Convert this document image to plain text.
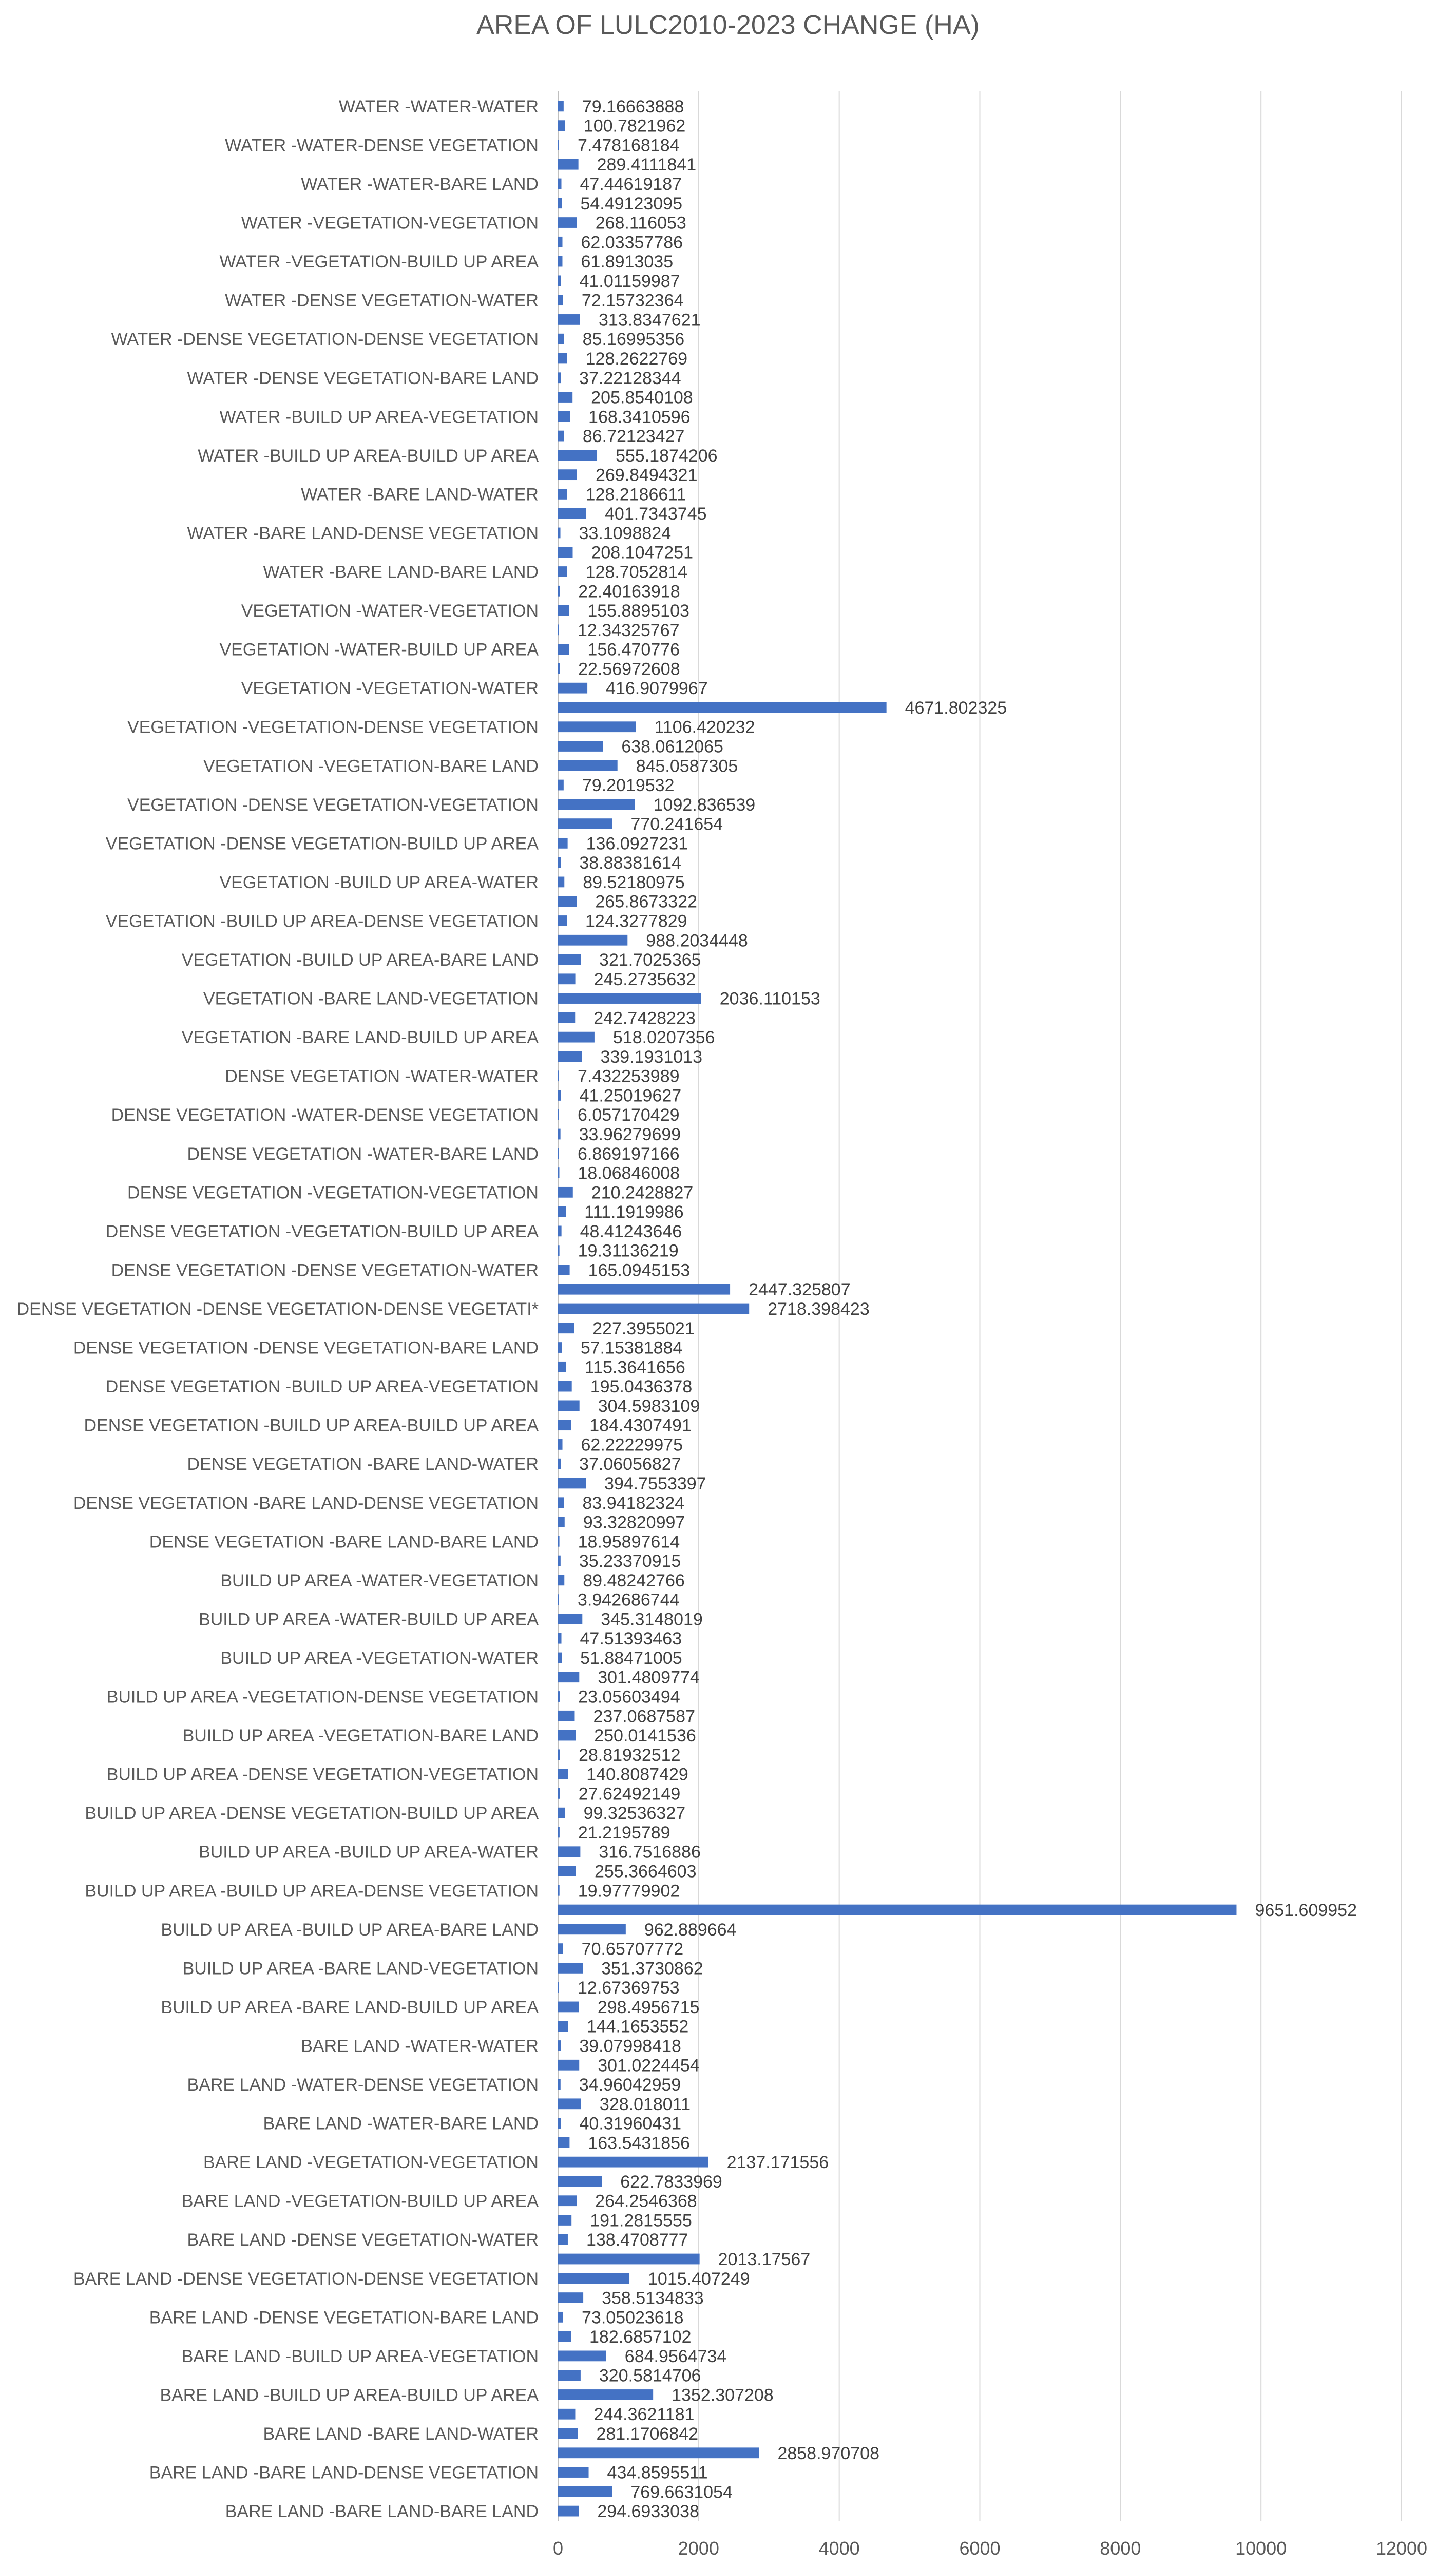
AREA OF LULC2010-2023 CHANGE (HA)
WATER -WATER-WATER
WATER -WATER-DENSE VEGETATION
WATER -WATER-BARE LAND
WATER -VEGETATION-VEGETATION
WATER -VEGETATION-BUILD UP AREA
WATER -DENSE VEGETATION-WATER
WATER -DENSE VEGETATION-DENSE VEGETATION
WATER -DENSE VEGETATION-BARE LAND
WATER -BUILD UP AREA-VEGETATION
WATER -BUILD UP AREA-BUILD UP AREA
WATER -BARE LAND-WATER
WATER -BARE LAND-DENSE VEGETATION
WATER -BARE LAND-BARE LAND
VEGETATION -WATER-VEGETATION
VEGETATION -WATER-BUILD UP AREA
VEGETATION -VEGETATION-WATER
VEGETATION -VEGETATION-DENSE VEGETATION
VEGETATION -VEGETATION-BARE LAND
VEGETATION -DENSE VEGETATION-VEGETATION
VEGETATION -DENSE VEGETATION-BUILD UP AREA
VEGETATION -BUILD UP AREA-WATER
VEGETATION -BUILD UP AREA-DENSE VEGETATION
VEGETATION -BUILD UP AREA-BARE LAND
VEGETATION -BARE LAND-VEGETATION
VEGETATION -BARE LAND-BUILD UP AREA
DENSE VEGETATION -WATER-WATER
DENSE VEGETATION -WATER-DENSE VEGETATION
DENSE VEGETATION -WATER-BARE LAND
DENSE VEGETATION -VEGETATION-VEGETATION
DENSE VEGETATION -VEGETATION-BUILD UP AREA
DENSE VEGETATION -DENSE VEGETATION-WATER
DENSE VEGETATION -DENSE VEGETATION-DENSE VEGETATI*
DENSE VEGETATION -DENSE VEGETATION-BARE LAND
DENSE VEGETATION -BUILD UP AREA-VEGETATION
DENSE VEGETATION -BUILD UP AREA-BUILD UP AREA
DENSE VEGETATION -BARE LAND-WATER
DENSE VEGETATION -BARE LAND-DENSE VEGETATION
DENSE VEGETATION -BARE LAND-BARE LAND
BUILD UP AREA -WATER-VEGETATION
BUILD UP AREA -WATER-BUILD UP AREA
BUILD UP AREA -VEGETATION-WATER
BUILD UP AREA -VEGETATION-DENSE VEGETATION
BUILD UP AREA -VEGETATION-BARE LAND
BUILD UP AREA -DENSE VEGETATION-VEGETATION
BUILD UP AREA -DENSE VEGETATION-BUILD UP AREA
BUILD UP AREA -BUILD UP AREA-WATER
BUILD UP AREA -BUILD UP AREA-DENSE VEGETATION
BUILD UP AREA -BUILD UP AREA-BARE LAND
BUILD UP AREA -BARE LAND-VEGETATION
BUILD UP AREA -BARE LAND-BUILD UP AREA
BARE LAND -WATER-WATER
BARE LAND -WATER-DENSE VEGETATION
BARE LAND -WATER-BARE LAND
BARE LAND -VEGETATION-VEGETATION
BARE LAND -VEGETATION-BUILD UP AREA
BARE LAND -DENSE VEGETATION-WATER
BARE LAND -DENSE VEGETATION-DENSE VEGETATION
BARE LAND -DENSE VEGETATION-BARE LAND
BARE LAND -BUILD UP AREA-VEGETATION
BARE LAND -BUILD UP AREA-BUILD UP AREA
BARE LAND -BARE LAND-WATER
BARE LAND -BARE LAND-DENSE VEGETATION
BARE LAND -BARE LAND-BARE LAND
79.16663888
100.7821962
7.478168184
289.4111841
47.44619187
54.49123095
268.116053
62.03357786
61.8913035
41.01159987
72.15732364
313.8347621
85.16995356
128.2622769
37.22128344
205.8540108
168.3410596
86.72123427
555.1874206
269.8494321
128.2186611
401.7343745
33.1098824
208.1047251
128.7052814
22.40163918
155.8895103
12.34325767
156.470776
22.56972608
416.9079967
4671.802325
1106.420232
638.0612065
845.0587305
79.2019532
1092.836539
770.241654
136.0927231
38.88381614
89.52180975
265.8673322
124.3277829
988.2034448
321.7025365
245.2735632
2036.110153
242.7428223
518.0207356
339.1931013
7.432253989
41.25019627
6.057170429
33.96279699
6.869197166
18.06846008
210.2428827
111.1919986
48.41243646
19.31136219
165.0945153
2447.325807
2718.398423
227.3955021
57.15381884
115.3641656
195.0436378
304.5983109
184.4307491
62.22229975
37.06056827
394.7553397
83.94182324
93.32820997
18.95897614
35.23370915
89.48242766
3.942686744
345.3148019
47.51393463
51.88471005
301.4809774
23.05603494
237.0687587
250.0141536
28.81932512
140.8087429
27.62492149
99.32536327
21.2195789
316.7516886
255.3664603
19.97779902
9651.609952
962.889664
70.65707772
351.3730862
12.67369753
298.4956715
144.1653552
39.07998418
301.0224454
34.96042959
328.018011
40.31960431
163.5431856
2137.171556
622.7833969
264.2546368
191.2815555
138.4708777
2013.17567
1015.407249
358.5134833
73.05023618
182.6857102
684.9564734
320.5814706
1352.307208
244.3621181
281.1706842
2858.970708
434.8595511
769.6631054
294.6933038
0	2000	4000	6000	8000	10000	12000
